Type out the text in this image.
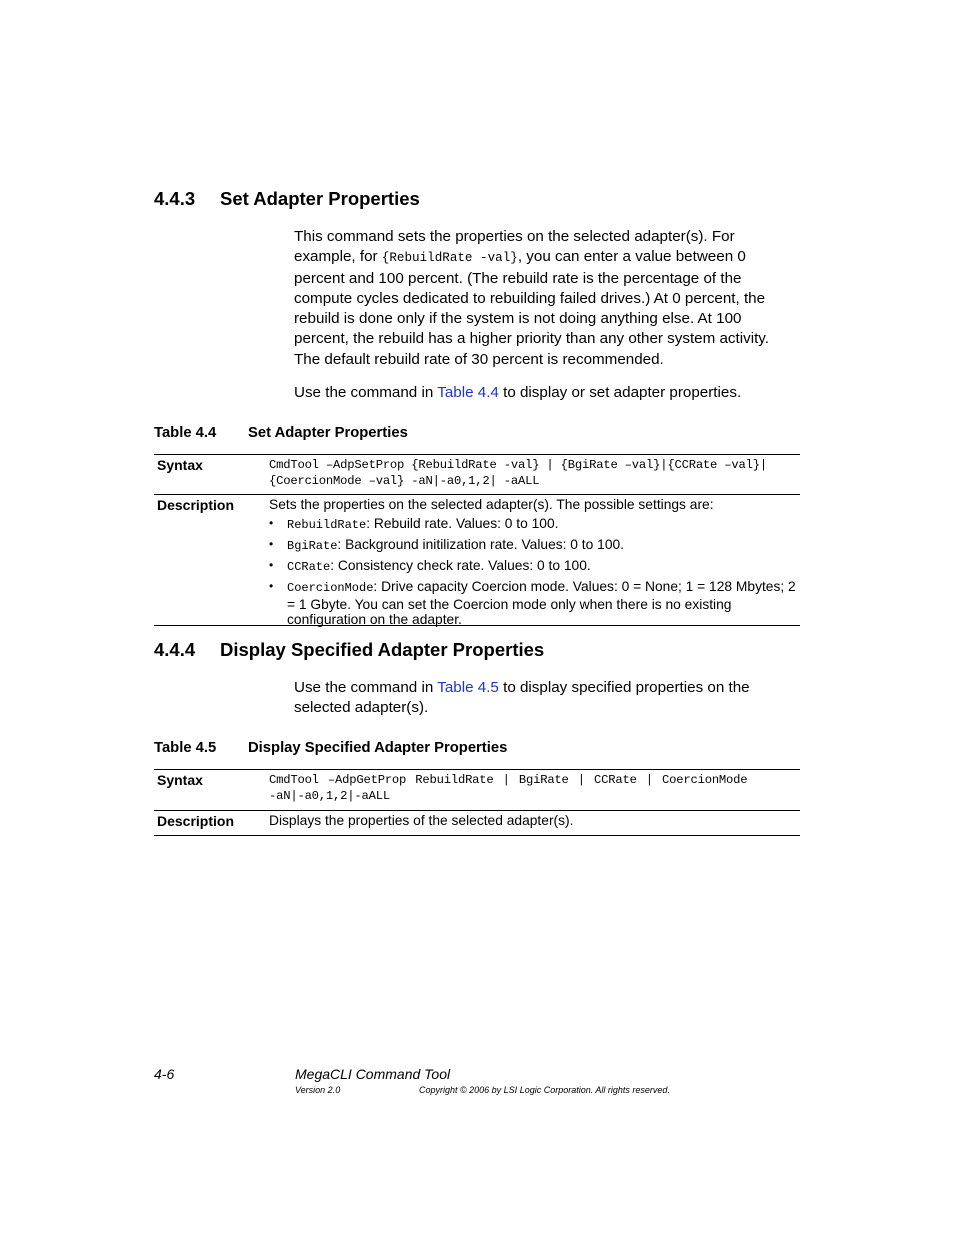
4.4.3 Set Adapter Properties
This command sets the properties on the selected adapter(s). For example, for {RebuildRate -val}, you can enter a value between 0 percent and 100 percent. (The rebuild rate is the percentage of the compute cycles dedicated to rebuilding failed drives.) At 0 percent, the rebuild is done only if the system is not doing anything else. At 100 percent, the rebuild has a higher priority than any other system activity. The default rebuild rate of 30 percent is recommended.
Use the command in Table 4.4 to display or set adapter properties.
Table 4.4 Set Adapter Properties
Syntax	CmdTool –AdpSetProp {RebuildRate -val} | {BgiRate –val}|{CCRate –val}|
{CoercionMode –val} -aN|-a0,1,2| -aALL
Description	Sets the properties on the selected adapter(s). The possible settings are:
• RebuildRate: Rebuild rate. Values: 0 to 100.
• BgiRate: Background initilization rate. Values: 0 to 100.
• CCRate: Consistency check rate. Values: 0 to 100.
• CoercionMode: Drive capacity Coercion mode. Values: 0 = None; 1 = 128 Mbytes; 2 = 1 Gbyte. You can set the Coercion mode only when there is no existing configuration on the adapter.
4.4.4 Display Specified Adapter Properties
Use the command in Table 4.5 to display specified properties on the selected adapter(s).
Table 4.5 Display Specified Adapter Properties
Syntax	CmdTool –AdpGetProp RebuildRate | BgiRate | CCRate | CoercionMode
-aN|-a0,1,2|-aALL
Description	Displays the properties of the selected adapter(s).
4-6	MegaCLI Command Tool
Version 2.0	Copyright © 2006 by LSI Logic Corporation. All rights reserved.
